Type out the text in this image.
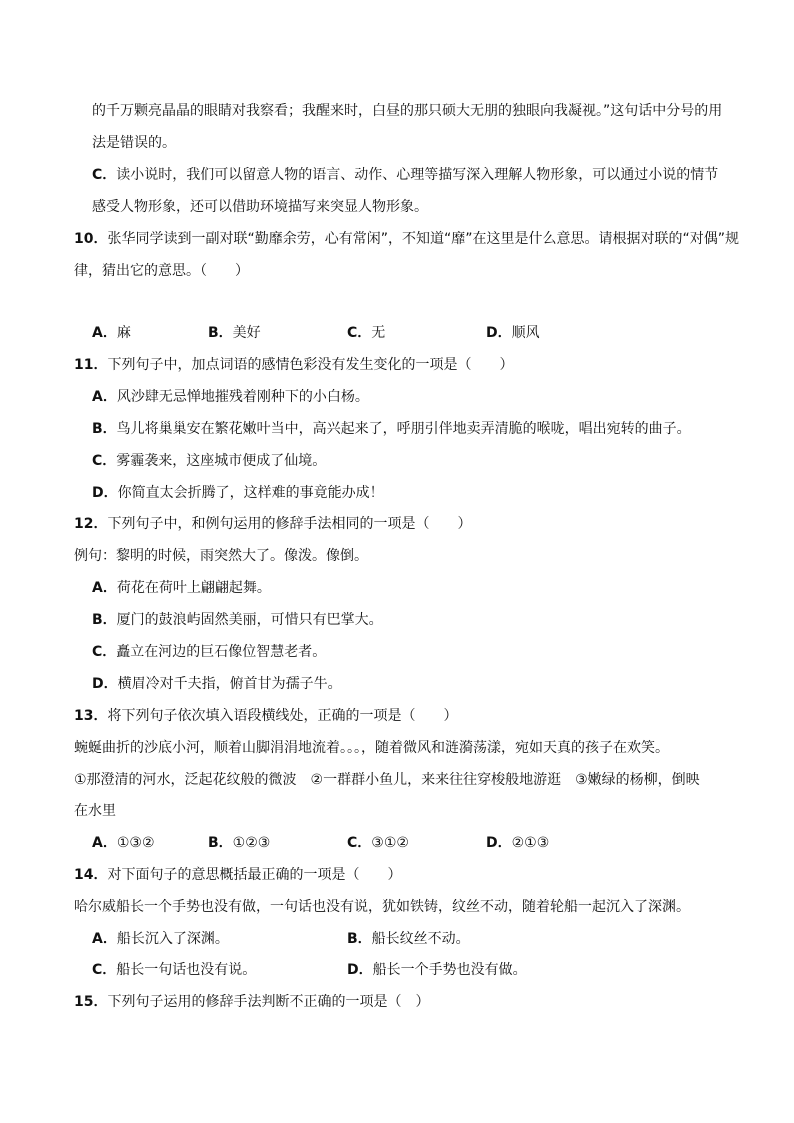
的千万颗亮晶晶的眼睛对我察看；我醒来时，白昼的那只硕大无朋的独眼向我凝视。”这句话中分号的用
法是错误的。
C．读小说时，我们可以留意人物的语言、动作、心理等描写深入理解人物形象，可以通过小说的情节
感受人物形象，还可以借助环境描写来突显人物形象。
10．张华同学读到一副对联“勤靡余劳，心有常闲”，不知道“靡”在这里是什么意思。请根据对联的“对偶”规
律，猜出它的意思。（　　）
A．麻	B．美好	C．无	D．顺风
11．下列句子中，加点词语的感情色彩没有发生变化的一项是（　　）
A．风沙肆无忌惮地摧残着刚种下的小白杨。
B．鸟儿将巢巢安在繁花嫩叶当中，高兴起来了，呼朋引伴地卖弄清脆的喉咙，唱出宛转的曲子。
C．雾霾袭来，这座城市便成了仙境。
D．你简直太会折腾了，这样难的事竟能办成！
12．下列句子中，和例句运用的修辞手法相同的一项是（　　）
例句：黎明的时候，雨突然大了。像泼。像倒。
A．荷花在荷叶上翩翩起舞。
B．厦门的鼓浪屿固然美丽，可惜只有巴掌大。
C．矗立在河边的巨石像位智慧老者。
D．横眉冷对千夫指，俯首甘为孺子牛。
13．将下列句子依次填入语段横线处，正确的一项是（　　）
蜿蜒曲折的沙底小河，顺着山脚涓涓地流着。。。，随着微风和涟漪荡漾，宛如天真的孩子在欢笑。
①那澄清的河水，泛起花纹般的微波　②一群群小鱼儿，来来往往穿梭般地游逛　③嫩绿的杨柳，倒映
在水里
A．①③②	B．①②③	C．③①②	D．②①③
14．对下面句子的意思概括最正确的一项是（　　）
哈尔威船长一个手势也没有做，一句话也没有说，犹如铁铸，纹丝不动，随着轮船一起沉入了深渊。
A．船长沉入了深渊。	B．船长纹丝不动。
C．船长一句话也没有说。	D．船长一个手势也没有做。
15．下列句子运用的修辞手法判断不正确的一项是（　）
